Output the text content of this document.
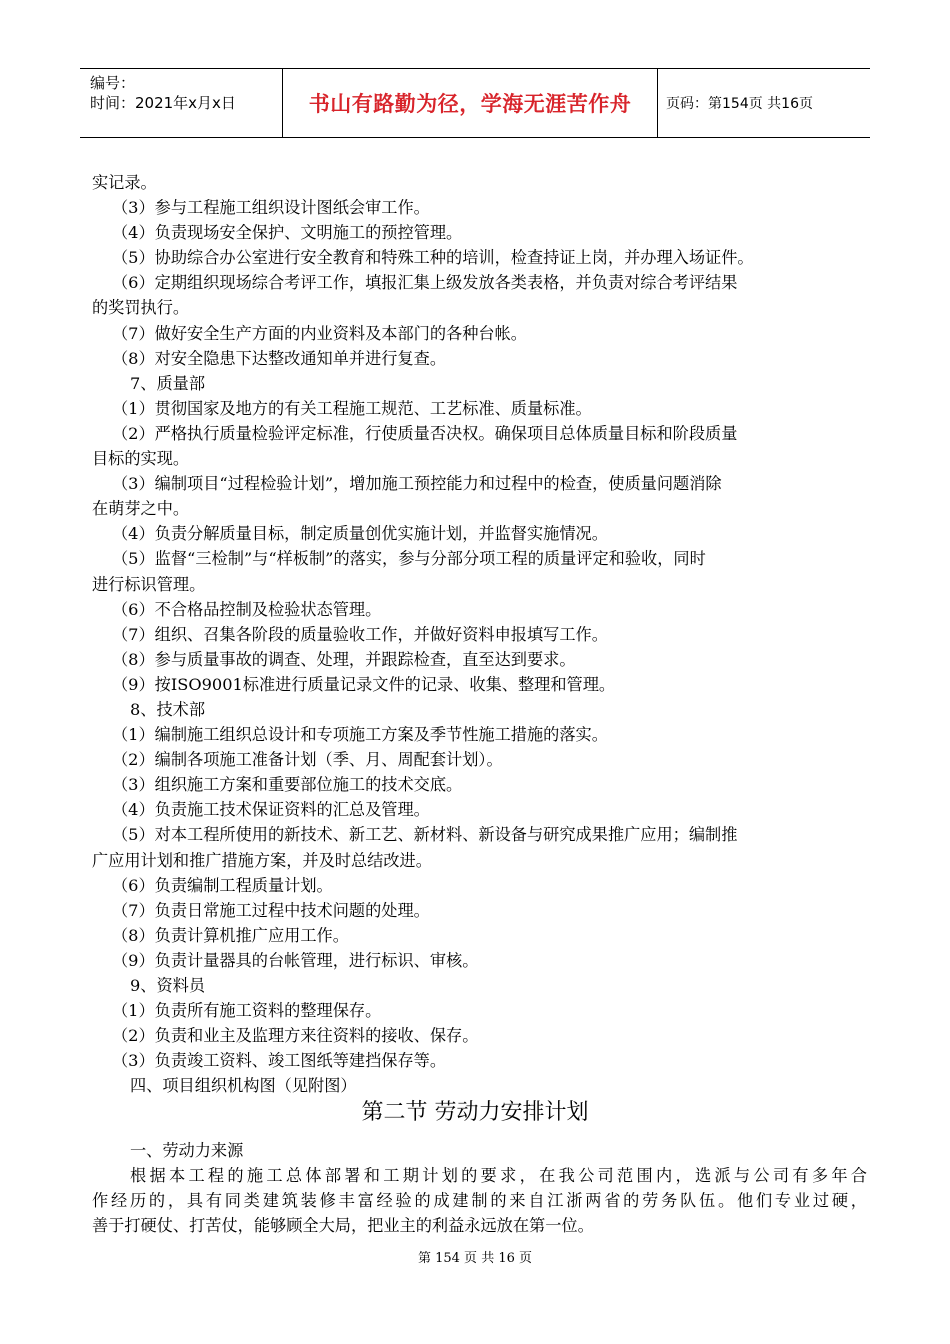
编号：
时间：2021年x月x日	书山有路勤为径，学海无涯苦作舟	页码：第154页 共16页
实记录。
（3）参与工程施工组织设计图纸会审工作。
（4）负责现场安全保护、文明施工的预控管理。
（5）协助综合办公室进行安全教育和特殊工种的培训，检查持证上岗，并办理入场证件。
（6）定期组织现场综合考评工作，填报汇集上级发放各类表格，并负责对综合考评结果
的奖罚执行。
（7）做好安全生产方面的内业资料及本部门的各种台帐。
（8）对安全隐患下达整改通知单并进行复查。
7、质量部
（1）贯彻国家及地方的有关工程施工规范、工艺标准、质量标准。
（2）严格执行质量检验评定标准，行使质量否决权。确保项目总体质量目标和阶段质量
目标的实现。
（3）编制项目“过程检验计划”，增加施工预控能力和过程中的检查，使质量问题消除
在萌芽之中。
（4）负责分解质量目标，制定质量创优实施计划，并监督实施情况。
（5）监督“三检制”与“样板制”的落实，参与分部分项工程的质量评定和验收，同时
进行标识管理。
（6）不合格品控制及检验状态管理。
（7）组织、召集各阶段的质量验收工作，并做好资料申报填写工作。
（8）参与质量事故的调查、处理，并跟踪检查，直至达到要求。
（9）按ISO9001标准进行质量记录文件的记录、收集、整理和管理。
8、技术部
（1）编制施工组织总设计和专项施工方案及季节性施工措施的落实。
（2）编制各项施工准备计划（季、月、周配套计划）。
（3）组织施工方案和重要部位施工的技术交底。
（4）负责施工技术保证资料的汇总及管理。
（5）对本工程所使用的新技术、新工艺、新材料、新设备与研究成果推广应用；编制推
广应用计划和推广措施方案，并及时总结改进。
（6）负责编制工程质量计划。
（7）负责日常施工过程中技术问题的处理。
（8）负责计算机推广应用工作。
（9）负责计量器具的台帐管理，进行标识、审核。
9、资料员
（1）负责所有施工资料的整理保存。
（2）负责和业主及监理方来往资料的接收、保存。
（3）负责竣工资料、竣工图纸等建挡保存等。
四、项目组织机构图（见附图）
第二节 劳动力安排计划
一、劳动力来源
根据本工程的施工总体部署和工期计划的要求，在我公司范围内，选派与公司有多年合
作经历的，具有同类建筑装修丰富经验的成建制的来自江浙两省的劳务队伍。他们专业过硬，
善于打硬仗、打苦仗，能够顾全大局，把业主的利益永远放在第一位。
第 154 页 共 16 页
